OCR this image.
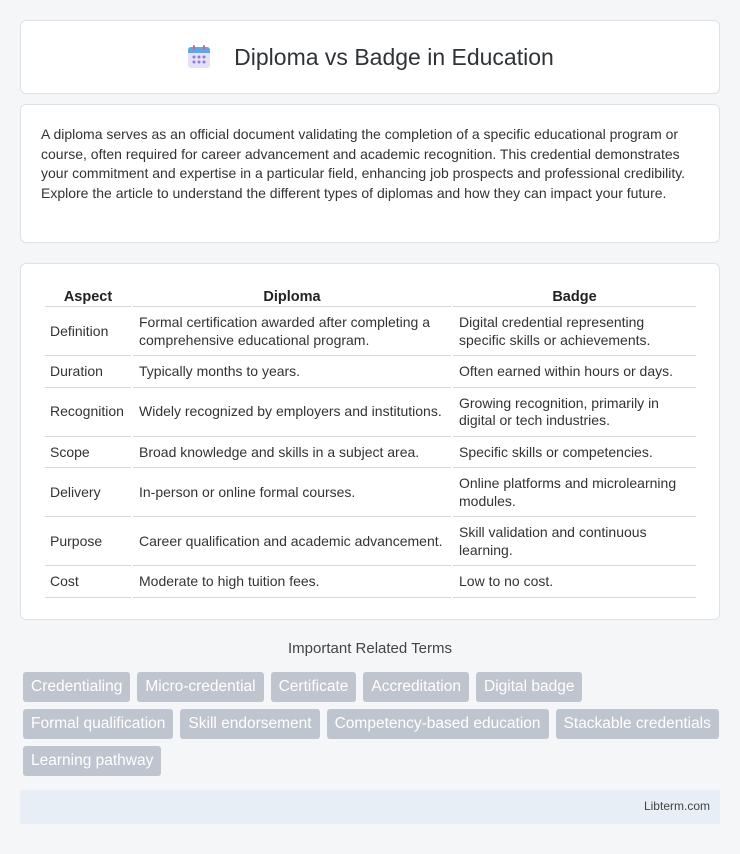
Diploma vs Badge in Education

A diploma serves as an official document validating the completion of a specific educational program or course, often required for career advancement and academic recognition. This credential demonstrates your commitment and expertise in a particular field, enhancing job prospects and professional credibility. Explore the article to understand the different types of diplomas and how they can impact your future.

Aspect	Diploma	Badge
Definition	Formal certification awarded after completing a comprehensive educational program.	Digital credential representing specific skills or achievements.
Duration	Typically months to years.	Often earned within hours or days.
Recognition	Widely recognized by employers and institutions.	Growing recognition, primarily in digital or tech industries.
Scope	Broad knowledge and skills in a subject area.	Specific skills or competencies.
Delivery	In-person or online formal courses.	Online platforms and microlearning modules.
Purpose	Career qualification and academic advancement.	Skill validation and continuous learning.
Cost	Moderate to high tuition fees.	Low to no cost.
Important Related Terms
Credentialing	Micro-credential	Certificate	Accreditation	Digital badge
Formal qualification	Skill endorsement	Competency-based education	Stackable credentials
Learning pathway
Libterm.com
